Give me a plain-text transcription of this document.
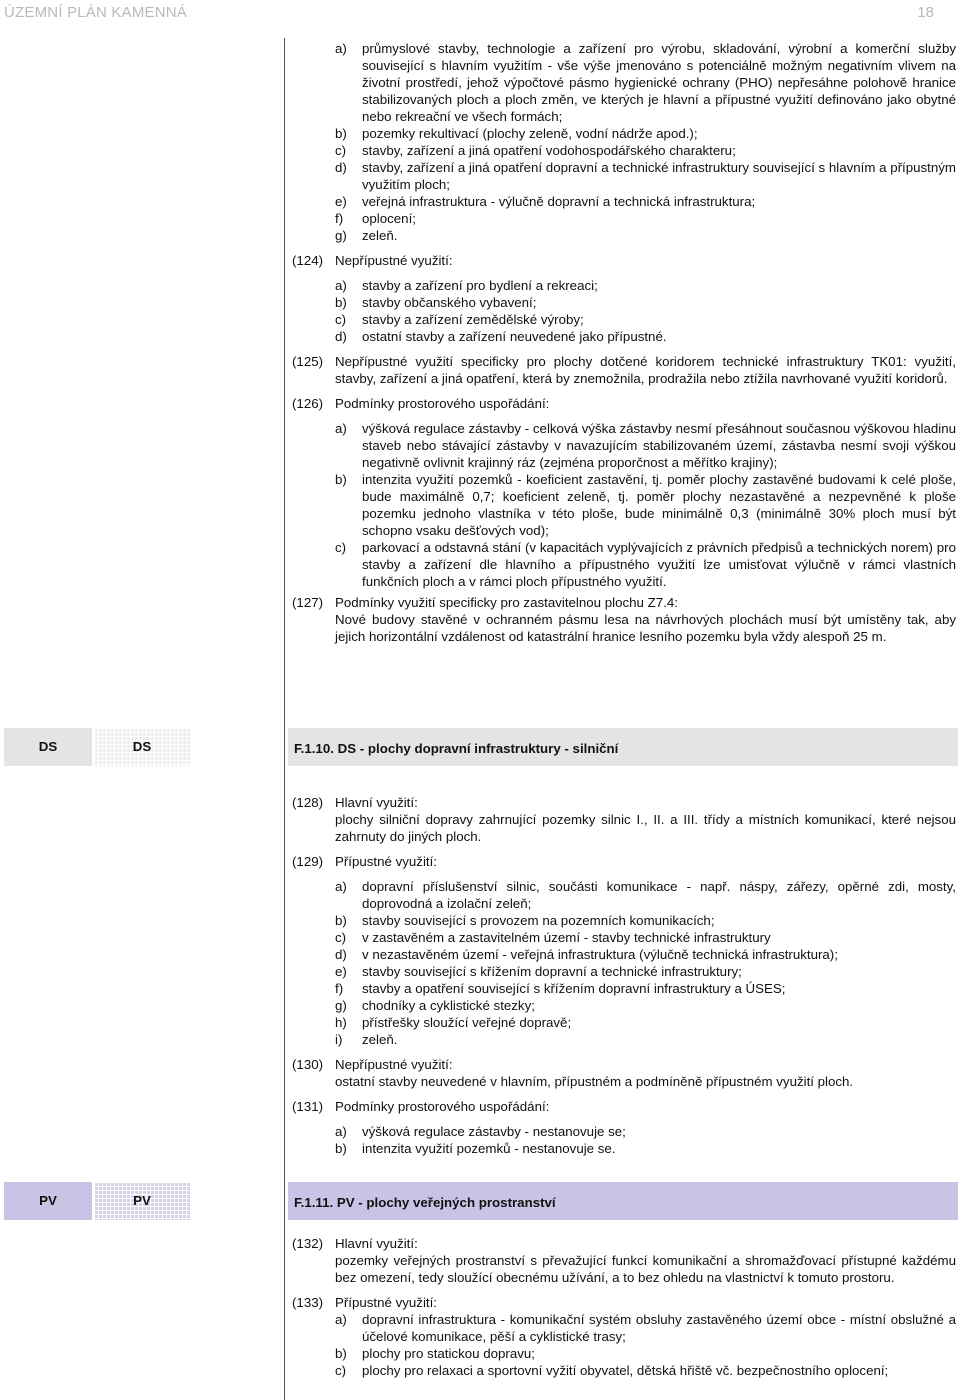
ÚZEMNÍ PLÁN KAMENNÁ	18
a)	průmyslové stavby, technologie a zařízení pro výrobu, skladování, výrobní a komerční služby související s hlavním využitím - vše výše jmenováno s potenciálně možným negativním vlivem na životní prostředí, jehož výpočtové pásmo hygienické ochrany (PHO) nepřesáhne polohově hranice stabilizovaných ploch a ploch změn, ve kterých je hlavní a přípustné využití definováno jako obytné nebo rekreační ve všech formách;
b)	pozemky rekultivací (plochy zeleně, vodní nádrže apod.);
c)	stavby, zařízení a jiná opatření vodohospodářského charakteru;
d)	stavby, zařízení a jiná opatření dopravní a technické infrastruktury související s hlavním a přípustným využitím ploch;
e)	veřejná infrastruktura - výlučně dopravní a technická infrastruktura;
f)	oplocení;
g)	zeleň.
(124) Nepřípustné využití:
a)	stavby a zařízení pro bydlení a rekreaci;
b)	stavby občanského vybavení;
c)	stavby a zařízení zemědělské výroby;
d)	ostatní stavby a zařízení neuvedené jako přípustné.
(125) Nepřípustné využití specificky pro plochy dotčené koridorem technické infrastruktury TK01: využití, stavby, zařízení a jiná opatření, která by znemožnila, prodražila nebo ztížila navrhované využití koridorů.
(126) Podmínky prostorového uspořádání:
a)	výšková regulace zástavby - celková výška zástavby nesmí přesáhnout současnou výškovou hladinu staveb nebo stávající zástavby v navazujícím stabilizovaném území, zástavba nesmí svoji výškou negativně ovlivnit krajinný ráz (zejména proporčnost a měřítko krajiny);
b)	intenzita využití pozemků - koeficient zastavění, tj. poměr plochy zastavěné budovami k celé ploše, bude maximálně 0,7; koeficient zeleně, tj. poměr plochy nezastavěné a nezpevněné k ploše pozemku jednoho vlastníka v této ploše, bude minimálně 0,3 (minimálně 30% ploch musí být schopno vsaku dešťových vod);
c)	parkovací a odstavná stání (v kapacitách vyplývajících z právních předpisů a technických norem) pro stavby a zařízení dle hlavního a přípustného využití lze umisťovat výlučně v rámci vlastních funkčních ploch a v rámci ploch přípustného využití.
(127) Podmínky využití specificky pro zastavitelnou plochu Z7.4:
Nové budovy stavěné v ochranném pásmu lesa na návrhových plochách musí být umístěny tak, aby jejich horizontální vzdálenost od katastrální hranice lesního pozemku byla vždy alespoň 25 m.
DS	DS	F.1.10. DS - plochy dopravní infrastruktury - silniční
(128) Hlavní využití:
plochy silniční dopravy zahrnující pozemky silnic I., II. a III. třídy a místních komunikací, které nejsou zahrnuty do jiných ploch.
(129) Přípustné využití:
a)	dopravní příslušenství silnic, součásti komunikace - např. náspy, zářezy, opěrné zdi, mosty, doprovodná a izolační zeleň;
b)	stavby související s provozem na pozemních komunikacích;
c)	v zastavěném a zastavitelném území - stavby technické infrastruktury
d)	v nezastavěném území - veřejná infrastruktura (výlučně technická infrastruktura);
e)	stavby související s křížením dopravní a technické infrastruktury;
f)	stavby a opatření související s křížením dopravní infrastruktury a ÚSES;
g)	chodníky a cyklistické stezky;
h)	přístřešky sloužící veřejné dopravě;
i)	zeleň.
(130) Nepřípustné využití:
ostatní stavby neuvedené v hlavním, přípustném a podmíněně přípustném využití ploch.
(131) Podmínky prostorového uspořádání:
a)	výšková regulace zástavby - nestanovuje se;
b)	intenzita využití pozemků - nestanovuje se.
PV	PV	F.1.11. PV - plochy veřejných prostranství
(132) Hlavní využití:
pozemky veřejných prostranství s převažující funkcí komunikační a shromažďovací přístupné každému bez omezení, tedy sloužící obecnému užívání, a to bez ohledu na vlastnictví k tomuto prostoru.
(133) Přípustné využití:
a)	dopravní infrastruktura - komunikační systém obsluhy zastavěného území obce - místní obslužné a účelové komunikace, pěší a cyklistické trasy;
b)	plochy pro statickou dopravu;
c)	plochy pro relaxaci a sportovní vyžití obyvatel, dětská hřiště vč. bezpečnostního oplocení;
